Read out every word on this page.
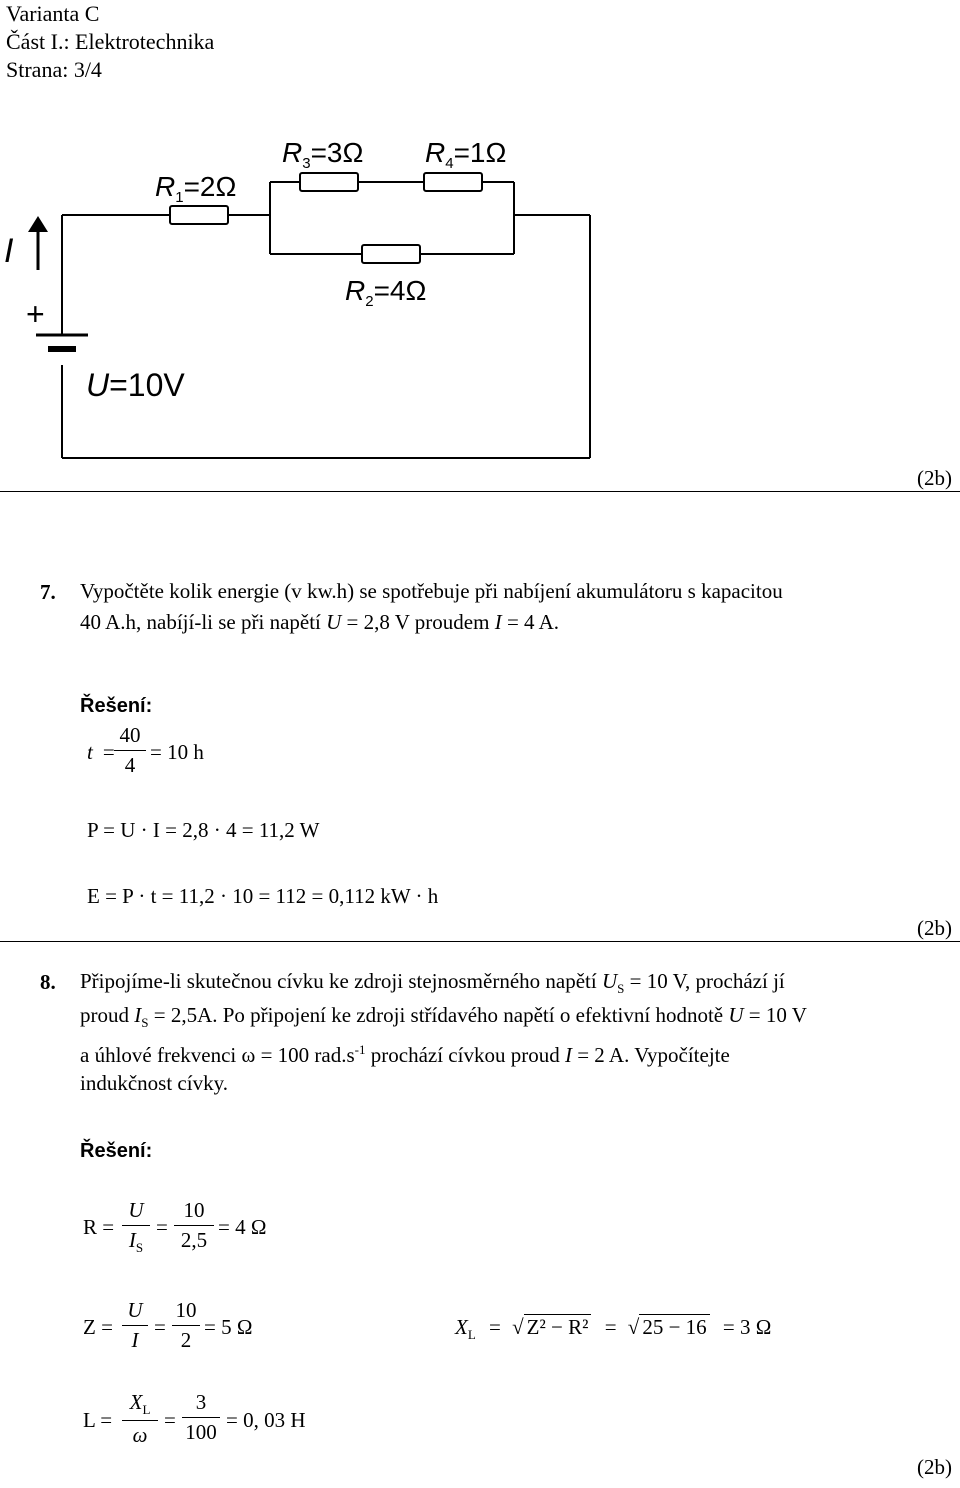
Varianta C
Část I.: Elektrotechnika
Strana: 3/4
$R_1=2\Omega$
$R_3=3\Omega$ $R_4=1\Omega$
$R_2=4\Omega$
I
+
U=10V
(2b)
7. Vypočtěte kolik energie (v kw.h) se spotřebuje při nabíjení akumulátoru s kapacitou
40 A.h, nabíjí-li se při napětí U = 2,8 V proudem I = 4 A.
Řešení:
t =
40
4
= 10 h
P = U · I = 2,8 · 4 = 11,2 W
E = P · t = 11,2 · 10 = 112 = 0,112 kW · h
(2b)
8. Připojíme-li skutečnou cívku ke zdroji stejnosměrného napětí $U_S = 10$ V, prochází jí
proud $I_S = 2,5A$. Po připojení ke zdroji střídavého napětí o efektivní hodnotě U = 10 V
a úhlové frekvenci ω = 100 $rad.s^{-1}$ prochází cívkou proud I = 2 A. Vypočítejte
indukčnost cívky.
Řešení:
R =
U
$I_S$
=
10
2,5
= 4 Ω
Z =
U
I
=
10
2
= 5 Ω	$X_L$ = √ Z² − R² = √ 25 − 16 = 3 Ω
L =
$X_L$
ω
=
3
100 = 0, 03 H
(2b)
